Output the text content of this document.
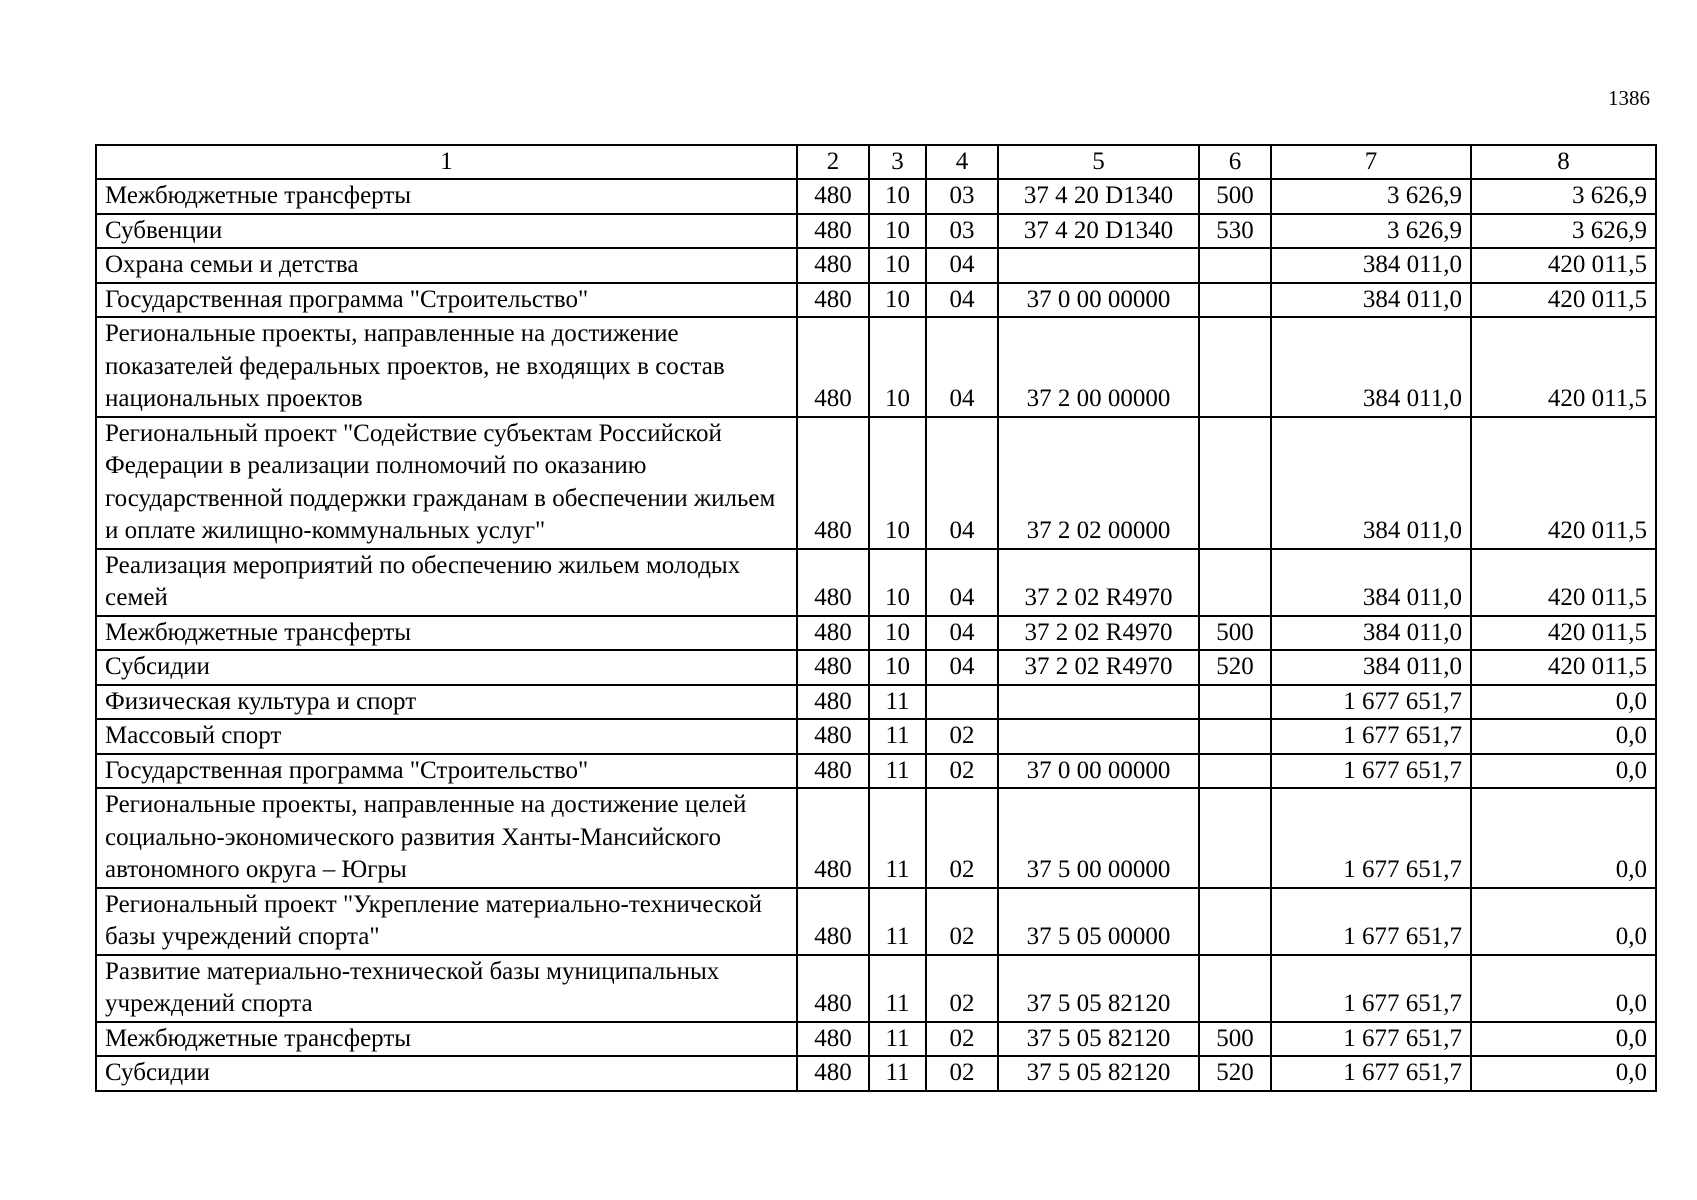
1386
1	2	3	4	5	6	7	8
Межбюджетные трансферты	480	10	03	37 4 20 D1340	500	3 626,9	3 626,9
Субвенции	480	10	03	37 4 20 D1340	530	3 626,9	3 626,9
Охрана семьи и детства	480	10	04			384 011,0	420 011,5
Государственная программа "Строительство"	480	10	04	37 0 00 00000		384 011,0	420 011,5
Региональные проекты, направленные на достижение показателей федеральных проектов, не входящих в состав национальных проектов	480	10	04	37 2 00 00000		384 011,0	420 011,5
Региональный проект "Содействие субъектам Российской Федерации в реализации полномочий по оказанию государственной поддержки гражданам в обеспечении жильем и оплате жилищно-коммунальных услуг"	480	10	04	37 2 02 00000		384 011,0	420 011,5
Реализация мероприятий по обеспечению жильем молодых семей	480	10	04	37 2 02 R4970		384 011,0	420 011,5
Межбюджетные трансферты	480	10	04	37 2 02 R4970	500	384 011,0	420 011,5
Субсидии	480	10	04	37 2 02 R4970	520	384 011,0	420 011,5
Физическая культура и спорт	480	11				1 677 651,7	0,0
Массовый спорт	480	11	02			1 677 651,7	0,0
Государственная программа "Строительство"	480	11	02	37 0 00 00000		1 677 651,7	0,0
Региональные проекты, направленные на достижение целей социально-экономического развития Ханты-Мансийского автономного округа – Югры	480	11	02	37 5 00 00000		1 677 651,7	0,0
Региональный проект "Укрепление материально-технической базы учреждений спорта"	480	11	02	37 5 05 00000		1 677 651,7	0,0
Развитие материально-технической базы муниципальных учреждений спорта	480	11	02	37 5 05 82120		1 677 651,7	0,0
Межбюджетные трансферты	480	11	02	37 5 05 82120	500	1 677 651,7	0,0
Субсидии	480	11	02	37 5 05 82120	520	1 677 651,7	0,0
